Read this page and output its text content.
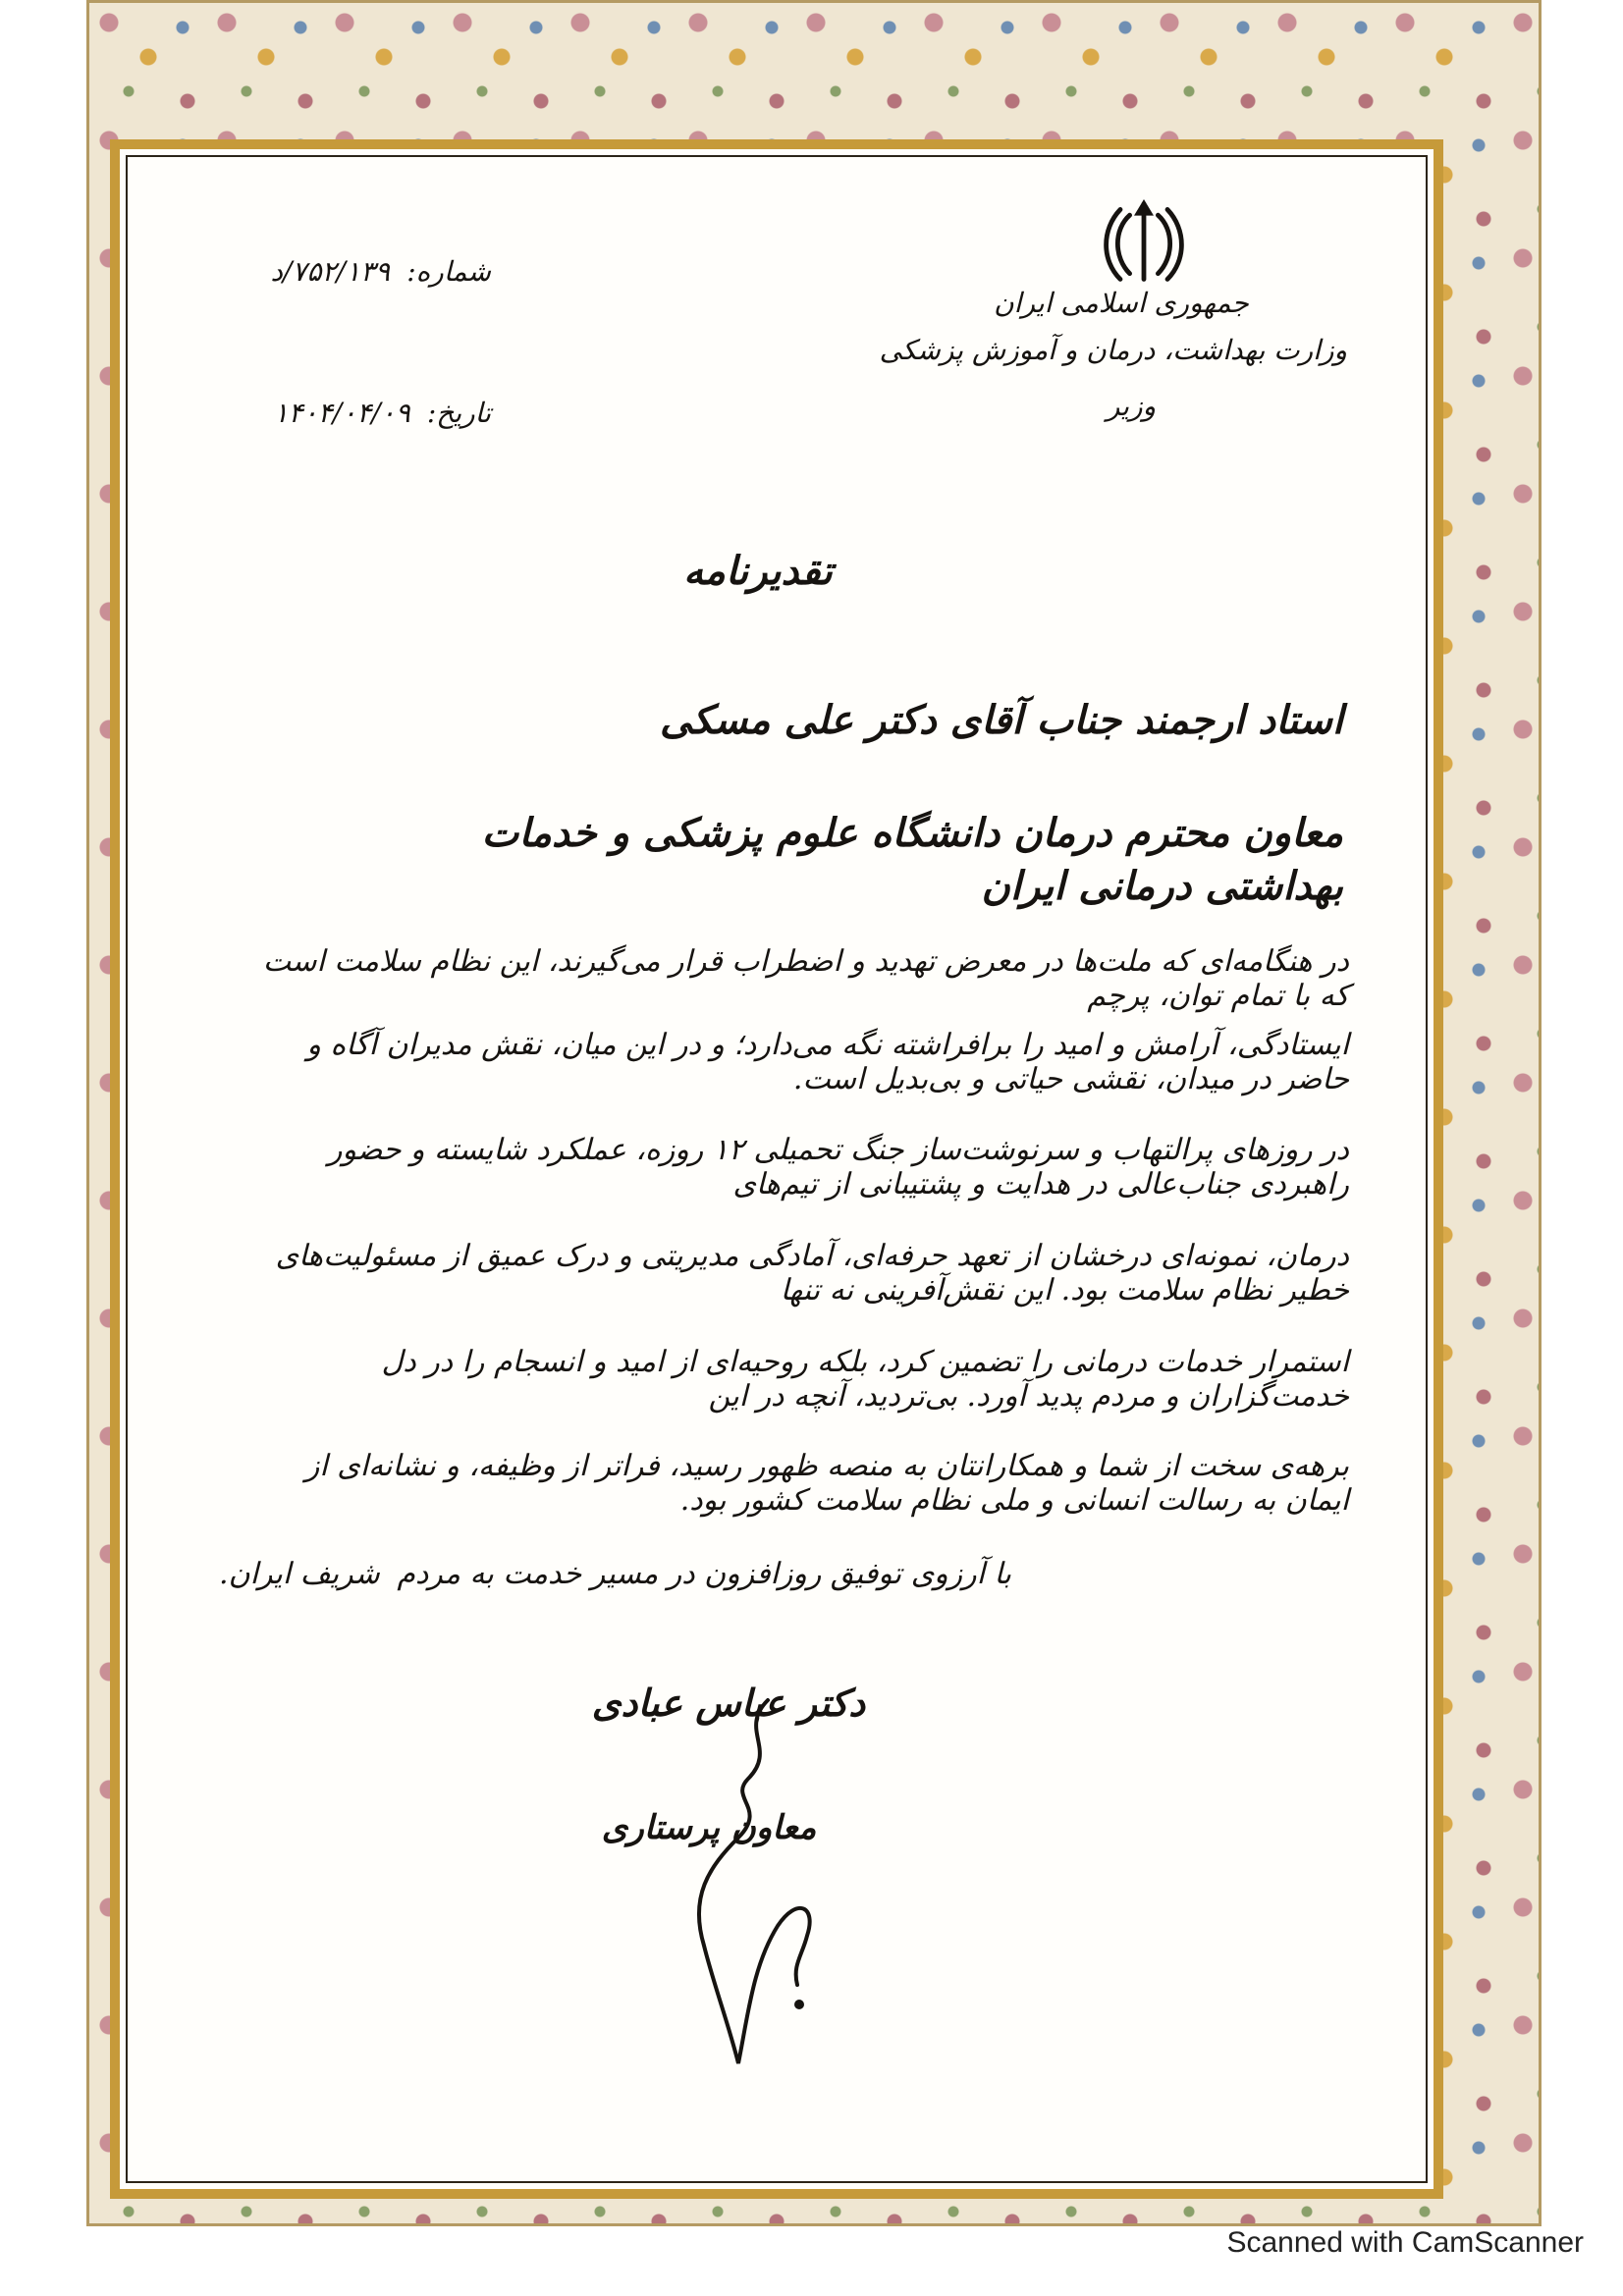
جمهوری اسلامی ایران
وزارت بهداشت، درمان و آموزش پزشکی
وزیر
شماره: ۷۵۲/۱۳۹/د
تاریخ: ۱۴۰۴/۰۴/۰۹
تقدیرنامه
استاد ارجمند جناب آقای دکتر علی مسکی
معاون محترم درمان دانشگاه علوم پزشکی و خدمات بهداشتی درمانی ایران
در هنگامه‌ای که ملت‌ها در معرض تهدید و اضطراب قرار می‌گیرند، این نظام سلامت است که با تمام توان، پرچم
ایستادگی، آرامش و امید را برافراشته نگه می‌دارد؛ و در این میان، نقش مدیران آگاه و حاضر در میدان، نقشی حیاتی و بی‌بدیل است.
در روزهای پرالتهاب و سرنوشت‌ساز جنگ تحمیلی ۱۲ روزه، عملکرد شایسته و حضور راهبردی جناب‌عالی در هدایت و پشتیبانی از تیم‌های
درمان، نمونه‌ای درخشان از تعهد حرفه‌ای، آمادگی مدیریتی و درک عمیق از مسئولیت‌های خطیر نظام سلامت بود. این نقش‌آفرینی نه تنها
استمرار خدمات درمانی را تضمین کرد، بلکه روحیه‌ای از امید و انسجام را در دل خدمت‌گزاران و مردم پدید آورد. بی‌تردید، آنچه در این
برهه‌ی سخت از شما و همکارانتان به منصه ظهور رسید، فراتر از وظیفه، و نشانه‌ای از ایمان به رسالت انسانی و ملی نظام سلامت کشور بود.
با آرزوی توفیق روزافزون در مسیر خدمت به مردم شریف ایران.
دکتر عباس عبادی
معاون پرستاری
Scanned with CamScanner
